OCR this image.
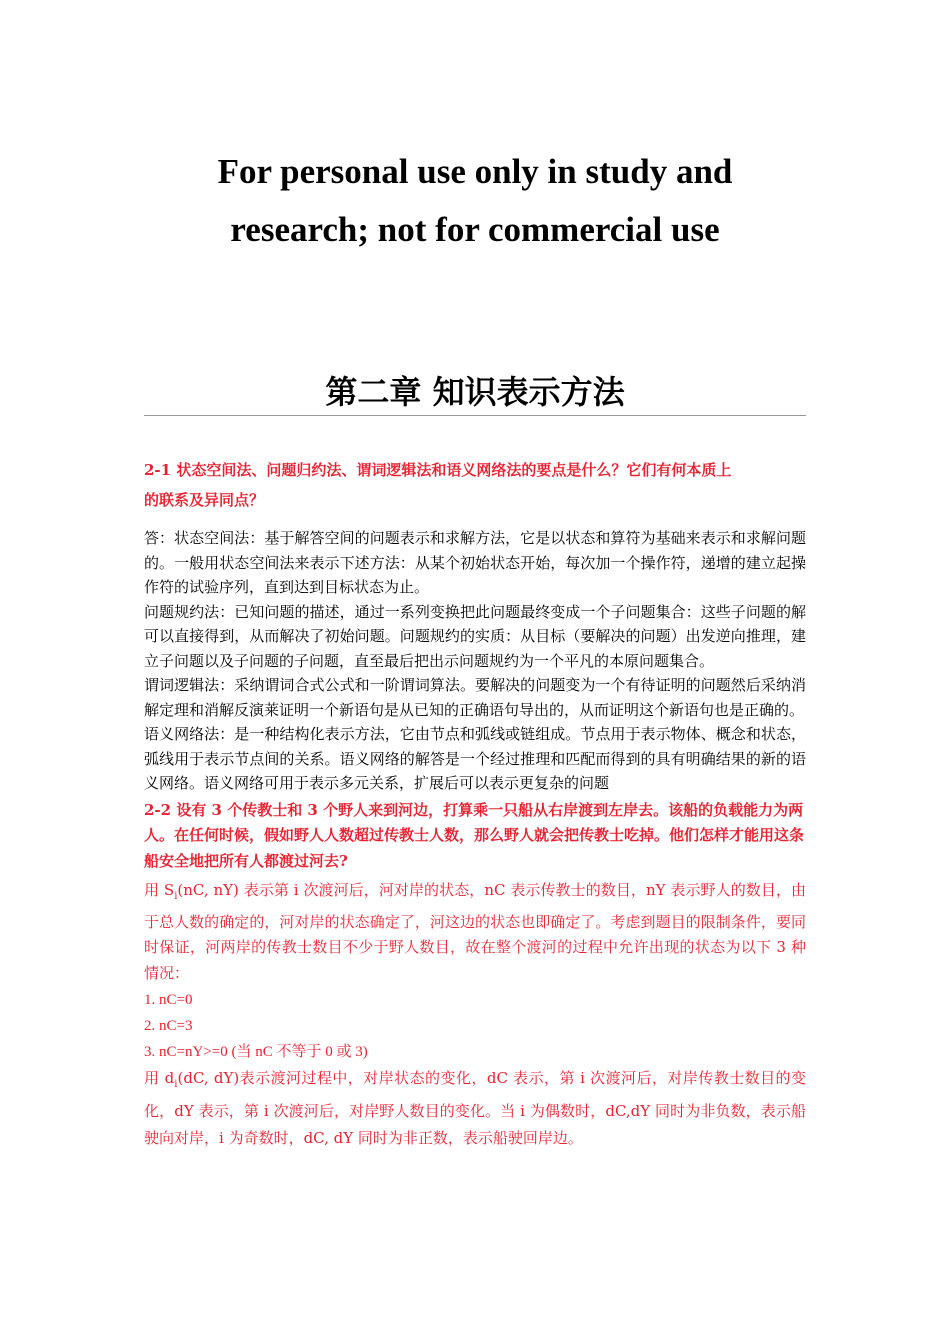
For personal use only in study and
research; not for commercial use
第二章 知识表示方法
2-1 状态空间法、问题归约法、谓词逻辑法和语义网络法的要点是什么？它们有何本质上
的联系及异同点？

答：状态空间法：基于解答空间的问题表示和求解方法，它是以状态和算符为基础来表示和求解问题的。一般用状态空间法来表示下述方法：从某个初始状态开始，每次加一个操作符，递增的建立起操作符的试验序列，直到达到目标状态为止。

问题规约法：已知问题的描述，通过一系列变换把此问题最终变成一个子问题集合：这些子问题的解可以直接得到，从而解决了初始问题。问题规约的实质：从目标（要解决的问题）出发逆向推理，建立子问题以及子问题的子问题，直至最后把出示问题规约为一个平凡的本原问题集合。

谓词逻辑法：采纳谓词合式公式和一阶谓词算法。要解决的问题变为一个有待证明的问题然后采纳消解定理和消解反演莱证明一个新语句是从已知的正确语句导出的，从而证明这个新语句也是正确的。

语义网络法：是一种结构化表示方法，它由节点和弧线或链组成。节点用于表示物体、概念和状态，弧线用于表示节点间的关系。语义网络的解答是一个经过推理和匹配而得到的具有明确结果的新的语义网络。语义网络可用于表示多元关系，扩展后可以表示更复杂的问题

2-2 设有 3 个传教士和 3 个野人来到河边，打算乘一只船从右岸渡到左岸去。该船的负载能力为两人。在任何时候，假如野人人数超过传教士人数，那么野人就会把传教士吃掉。他们怎样才能用这条船安全地把所有人都渡过河去?

用 $S_i(nC$, nY) 表示第 i 次渡河后，河对岸的状态，nC 表示传教士的数目，nY 表示野人的数目，由于总人数的确定的，河对岸的状态确定了，河这边的状态也即确定了。考虑到题目的限制条件，要同时保证，河两岸的传教士数目不少于野人数目，故在整个渡河的过程中允许出现的状态为以下 3 种情况：

1. nC=0

2. nC=3

3. nC=nY>=0 (当 nC 不等于 0 或 3)

用 $d_i(dC$, dY)表示渡河过程中，对岸状态的变化，dC 表示，第 i 次渡河后，对岸传教士数目的变化，dY 表示，第 i 次渡河后，对岸野人数目的变化。当 i 为偶数时，dC,dY 同时为非负数，表示船驶向对岸，i 为奇数时，dC, dY 同时为非正数，表示船驶回岸边。
